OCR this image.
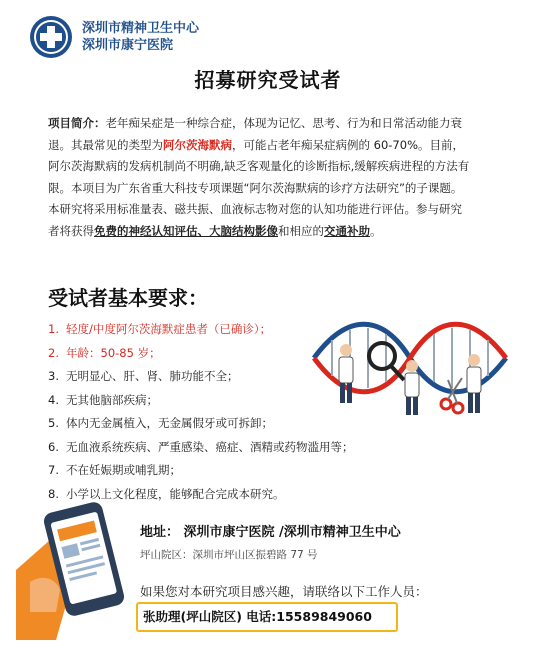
深圳市精神卫生中心
深圳市康宁医院
招募研究受试者
项目简介：老年痴呆症是一种综合症，体现为记忆、思考、行为和日常活动能力衰退。其最常见的类型为阿尔茨海默病，可能占老年痴呆症病例的 60-70%。目前，阿尔茨海默病的发病机制尚不明确,缺乏客观量化的诊断指标,缓解疾病进程的方法有限。本项目为广东省重大科技专项课题“阿尔茨海默病的诊疗方法研究”的子课题。本研究将采用标准量表、磁共振、血液标志物对您的认知功能进行评估。参与研究者将获得免费的神经认知评估、大脑结构影像和相应的交通补助。
受试者基本要求：
1. 轻度/中度阿尔茨海默症患者（已确诊）；
2. 年龄：50-85 岁；
3. 无明显心、肝、肾、肺功能不全；
4. 无其他脑部疾病；
5. 体内无金属植入，无金属假牙或可拆卸；
6. 无血液系统疾病、严重感染、癌症、酒精或药物滥用等；
7. 不在妊娠期或哺乳期；
8. 小学以上文化程度，能够配合完成本研究。
地址： 深圳市康宁医院 /深圳市精神卫生中心
坪山院区：深圳市坪山区振碧路 77 号
如果您对本研究项目感兴趣，请联络以下工作人员：
张助理(坪山院区) 电话:15589849060
